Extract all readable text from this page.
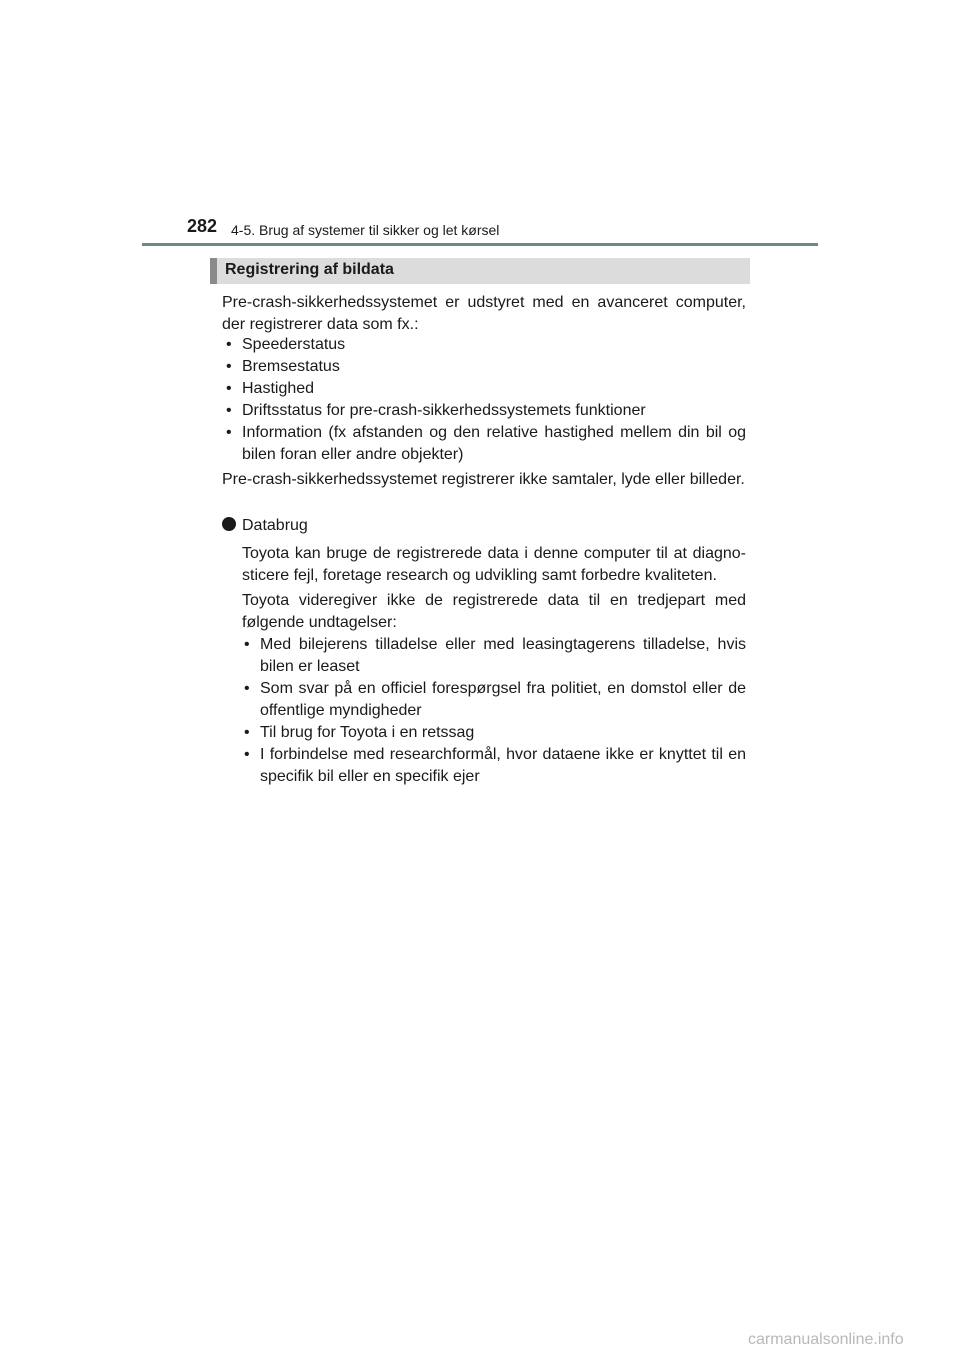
282 4-5. Brug af systemer til sikker og let kørsel
Registrering af bildata

Pre-crash-sikkerhedssystemet er udstyret med en avanceret computer, der registrerer data som fx.:

• Speederstatus
• Bremsestatus
• Hastighed
• Driftsstatus for pre-crash-sikkerhedssystemets funktioner
• Information (fx afstanden og den relative hastighed mellem din bil og bilen foran eller andre objekter)

Pre-crash-sikkerhedssystemet registrerer ikke samtaler, lyde eller billeder.

Databrug

Toyota kan bruge de registrerede data i denne computer til at diagno-sticere fejl, foretage research og udvikling samt forbedre kvaliteten.

Toyota videregiver ikke de registrerede data til en tredjepart med følgende undtagelser:

• Med bilejerens tilladelse eller med leasingtagerens tilladelse, hvis bilen er leaset
• Som svar på en officiel forespørgsel fra politiet, en domstol eller de offentlige myndigheder
• Til brug for Toyota i en retssag
• I forbindelse med researchformål, hvor dataene ikke er knyttet til en specifik bil eller en specifik ejer
carmanualsonline.info
